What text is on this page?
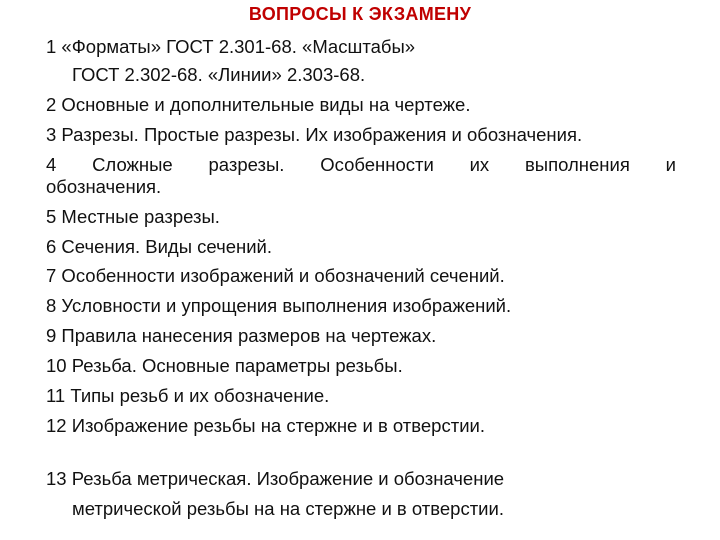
ВОПРОСЫ К ЭКЗАМЕНУ
1 «Форматы» ГОСТ 2.301-68. «Масштабы»
ГОСТ 2.302-68. «Линии» 2.303-68.
2 Основные и дополнительные виды на чертеже.
3 Разрезы. Простые разрезы. Их изображения и обозначения.
4 Сложные разрезы. Особенности их выполнения и
обозначения.
5 Местные разрезы.
6 Сечения. Виды сечений.
7 Особенности изображений и обозначений сечений.
8 Условности и упрощения выполнения изображений.
9 Правила нанесения размеров на чертежах.
10 Резьба. Основные параметры резьбы.
11 Типы резьб и их обозначение.
12 Изображение резьбы на стержне и в отверстии.
13 Резьба метрическая. Изображение и обозначение
метрической резьбы на на стержне и в отверстии.
